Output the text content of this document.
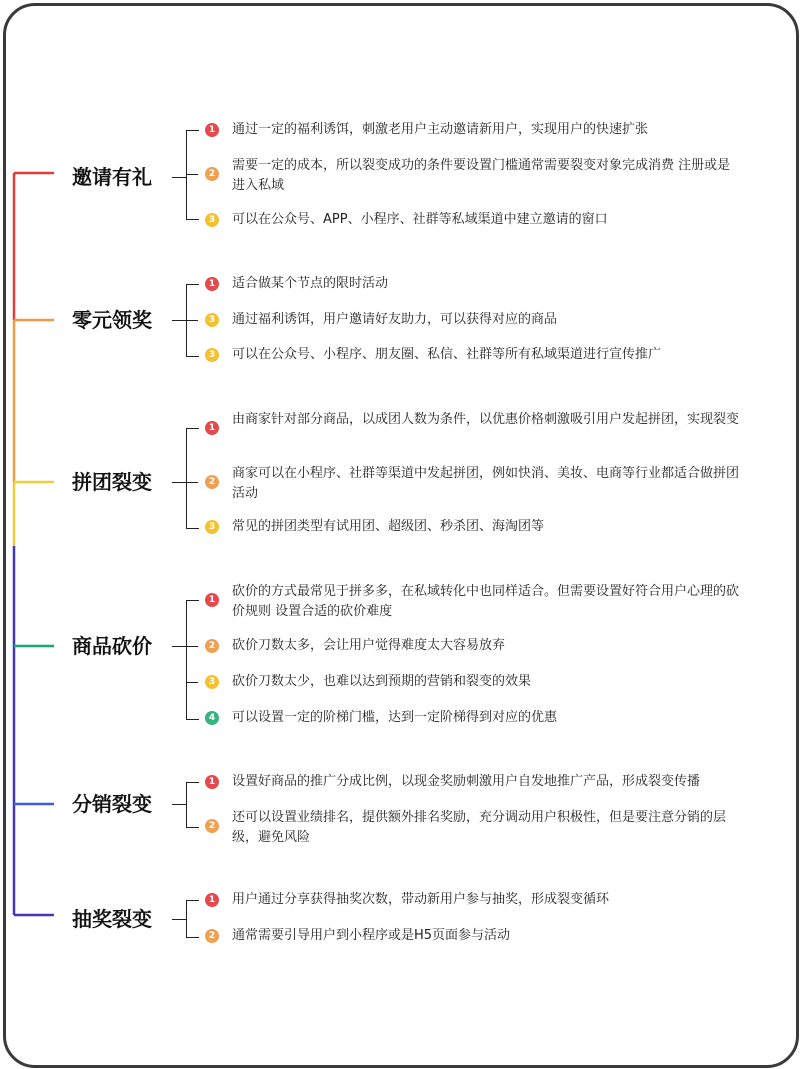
邀请有礼
1 通过一定的福利诱饵，刺激老用户主动邀请新用户，实现用户的快速扩张
2
需要一定的成本，所以裂变成功的条件要设置门槛通常需要裂变对象完成消费 注册或是进入私域
3 可以在公众号、APP、小程序、社群等私域渠道中建立邀请的窗口
零元领奖
1 适合做某个节点的限时活动
3 通过福利诱饵，用户邀请好友助力，可以获得对应的商品
3 可以在公众号、小程序、朋友圈、私信、社群等所有私域渠道进行宣传推广
拼团裂变
1
由商家针对部分商品，以成团人数为条件，以优惠价格刺激吸引用户发起拼团，实现裂变
2
商家可以在小程序、社群等渠道中发起拼团，例如快消、美妆、电商等行业都适合做拼团活动
3 常见的拼团类型有试用团、超级团、秒杀团、海淘团等
商品砍价
1
砍价的方式最常见于拼多多，在私域转化中也同样适合。但需要设置好符合用户心理的砍价规则 设置合适的砍价难度
2 砍价刀数太多，会让用户觉得难度太大容易放弃
3 砍价刀数太少，也难以达到预期的营销和裂变的效果
4 可以设置一定的阶梯门槛，达到一定阶梯得到对应的优惠
分销裂变
1 设置好商品的推广分成比例，以现金奖励刺激用户自发地推广产品，形成裂变传播
2
还可以设置业绩排名，提供额外排名奖励，充分调动用户积极性，但是要注意分销的层级，避免风险
抽奖裂变
1 用户通过分享获得抽奖次数，带动新用户参与抽奖，形成裂变循环
2 通常需要引导用户到小程序或是H5页面参与活动
